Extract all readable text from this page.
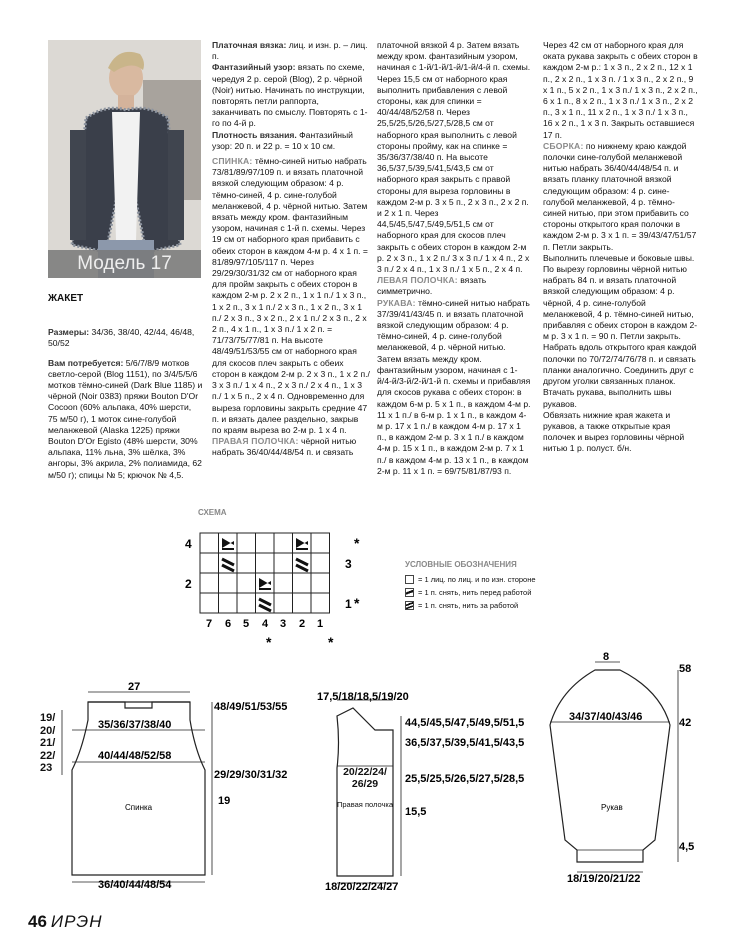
Модель 17
ЖАКЕТ

Размеры: 34/36, 38/40, 42/44, 46/48, 50/52

Вам потребуется: 5/6/7/8/9 мотков светло-серой (Blog 1151), по 3/4/5/5/6 мотков тёмно-синей (Dark Blue 1185) и чёрной (Noir 0383) пряжи Bouton D'Or Cocoon (60% альпака, 40% шерсти, 75 м/50 г), 1 моток сине-голубой меланжевой (Alaska 1225) пряжи Bouton D'Or Egisto (48% шерсти, 30% альпака, 11% льна, 3% шёлка, 3% ангоры, 3% акрила, 2% полиамида, 62 м/50 г); спицы № 5; крючок № 4,5.

Платочная вязка: лиц. и изн. р. – лиц. п.

Фантазийный узор: вязать по схеме, чередуя 2 р. серой (Blog), 2 р. чёрной (Noir) нитью. Начинать по инструкции, повторять петли раппорта, заканчивать по смыслу. Повторять с 1-го по 4-й р.

Плотность вязания. Фантазийный узор: 20 п. и 22 р. = 10 х 10 см.

СПИНКА: тёмно-синей нитью набрать 73/81/89/97/109 п. и вязать платочной вязкой следующим образом: 4 р. тёмно-синей, 4 р. сине-голубой меланжевой, 4 р. чёрной нитью. Затем вязать между кром. фантазийным узором, начиная с 1-й п. схемы. Через 19 см от наборного края прибавить с обеих сторон в каждом 4-м р. 4 х 1 п. = 81/89/97/105/117 п. Через 29/29/30/31/32 см от наборного края для пройм закрыть с обеих сторон в каждом 2-м р. 2 х 2 п., 1 х 1 п./ 1 х 3 п., 1 х 2 п., 3 х 1 п./ 2 х 3 п., 1 х 2 п., 3 х 1 п./ 2 х 3 п., 3 х 2 п., 2 х 1 п./ 2 х 3 п., 2 х 2 п., 4 х 1 п., 1 х 3 п./ 1 х 2 п. = 71/73/75/77/81 п. На высоте 48/49/51/53/55 см от наборного края для скосов плеч закрыть с обеих сторон в каждом 2-м р. 2 х 3 п., 1 х 2 п./ 3 х 3 п./ 1 х 4 п., 2 х 3 п./ 2 х 4 п., 1 х 3 п./ 1 х 5 п., 2 х 4 п. Одновременно для выреза горловины закрыть средние 47 п. и вязать далее раздельно, закрыв по краям выреза во 2-м р. 1 х 4 п.

ПРАВАЯ ПОЛОЧКА: чёрной нитью набрать 36/40/44/48/54 п. и связать

платочной вязкой 4 р. Затем вязать между кром. фантазийным узором, начиная с 1-й/1-й/1-й/1-й/4-й п. схемы. Через 15,5 см от наборного края выполнить прибавления с левой стороны, как для спинки = 40/44/48/52/58 п. Через 25,5/25,5/26,5/27,5/28,5 см от наборного края выполнить с левой стороны пройму, как на спинке = 35/36/37/38/40 п. На высоте 36,5/37,5/39,5/41,5/43,5 см от наборного края закрыть с правой стороны для выреза горловины в каждом 2-м р. 3 х 5 п., 2 х 3 п., 2 х 2 п. и 2 х 1 п. Через 44,5/45,5/47,5/49,5/51,5 см от наборного края для скосов плеч закрыть с обеих сторон в каждом 2-м р. 2 х 3 п., 1 х 2 п./ 3 х 3 п./ 1 х 4 п., 2 х 3 п./ 2 х 4 п., 1 х 3 п./ 1 х 5 п., 2 х 4 п.

ЛЕВАЯ ПОЛОЧКА: вязать симметрично.

РУКАВА: тёмно-синей нитью набрать 37/39/41/43/45 п. и вязать платочной вязкой следующим образом: 4 р. тёмно-синей, 4 р. сине-голубой меланжевой, 4 р. чёрной нитью. Затем вязать между кром. фантазийным узором, начиная с 1-й/4-й/3-й/2-й/1-й п. схемы и прибавляя для скосов рукава с обеих сторон: в каждом 6-м р. 5 х 1 п., в каждом 4-м р. 11 х 1 п./ в 6-м р. 1 х 1 п., в каждом 4-м р. 17 х 1 п./ в каждом 4-м р. 17 х 1 п., в каждом 2-м р. 3 х 1 п./ в каждом 4-м р. 15 х 1 п., в каждом 2-м р. 7 х 1 п./ в каждом 4-м р. 13 х 1 п., в каждом 2-м р. 11 х 1 п. = 69/75/81/87/93 п.

Через 42 см от наборного края для оката рукава закрыть с обеих сторон в каждом 2-м р.: 1 х 3 п., 2 х 2 п., 12 х 1 п., 2 х 2 п., 1 х 3 п. / 1 х 3 п., 2 х 2 п., 9 х 1 п., 5 х 2 п., 1 х 3 п./ 1 х 3 п., 2 х 2 п., 6 х 1 п., 8 х 2 п., 1 х 3 п./ 1 х 3 п., 2 х 2 п., 3 х 1 п., 11 х 2 п., 1 х 3 п./ 1 х 3 п., 16 х 2 п., 1 х 3 п. Закрыть оставшиеся 17 п.

СБОРКА: по нижнему краю каждой полочки сине-голубой меланжевой нитью набрать 36/40/44/48/54 п. и вязать планку платочной вязкой следующим образом: 4 р. сине-голубой меланжевой, 4 р. тёмно-синей нитью, при этом прибавить со стороны открытого края полочки в каждом 2-м р. 3 х 1 п. = 39/43/47/51/57 п. Петли закрыть.

Выполнить плечевые и боковые швы. По вырезу горловины чёрной нитью набрать 84 п. и вязать платочной вязкой следующим образом: 4 р. чёрной, 4 р. сине-голубой меланжевой, 4 р. тёмно-синей нитью, прибавляя с обеих сторон в каждом 2-м р. 3 х 1 п. = 90 п. Петли закрыть. Набрать вдоль открытого края каждой полочки по 70/72/74/76/78 п. и связать планки аналогично. Соединить друг с другом уголки связанных планок. Втачать рукава, выполнить швы рукавов.

Обвязать нижние края жакета и рукавов, а также открытые края полочек и вырез горловины чёрной нитью 1 р. полуст. б/н.

СХЕМА
4
2
3
1
*
*
7 6 5 4 3 2 1
*	*
УСЛОВНЫЕ ОБОЗНАЧЕНИЯ
= 1 лиц. по лиц. и по изн. стороне
= 1 п. снять, нить перед работой
= 1 п. снять, нить за работой
27
48/49/51/53/55
35/36/37/38/40
40/44/48/52/58
29/29/30/31/32
19
Спинка
36/40/44/48/54
19/ 20/ 21/ 22/ 23
17,5/18/18,5/19/20
44,5/45,5/47,5/49,5/51,5
36,5/37,5/39,5/41,5/43,5
25,5/25,5/26,5/27,5/28,5
15,5
20/22/24/ 26/29
Правая полочка
18/20/22/24/27
8
34/37/40/43/46
58
42
4,5
Рукав
18/19/20/21/22
46 ИРЭН
